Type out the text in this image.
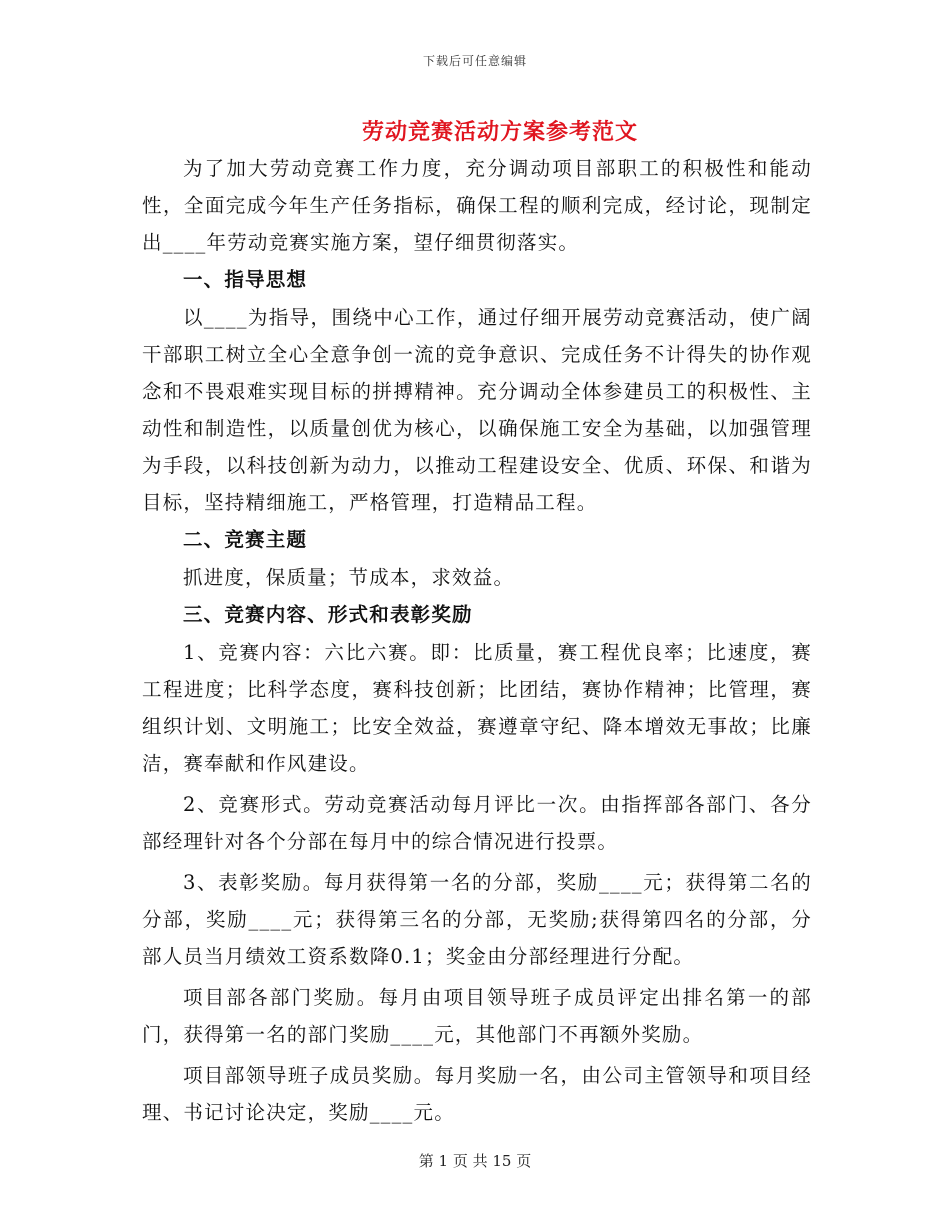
下载后可任意编辑
劳动竞赛活动方案参考范文

为了加大劳动竞赛工作力度，充分调动项目部职工的积极性和能动性，全面完成今年生产任务指标，确保工程的顺利完成，经讨论，现制定出____年劳动竞赛实施方案，望仔细贯彻落实。

一、指导思想

以____为指导，围绕中心工作，通过仔细开展劳动竞赛活动，使广阔干部职工树立全心全意争创一流的竞争意识、完成任务不计得失的协作观念和不畏艰难实现目标的拼搏精神。充分调动全体参建员工的积极性、主动性和制造性，以质量创优为核心，以确保施工安全为基础，以加强管理为手段，以科技创新为动力，以推动工程建设安全、优质、环保、和谐为目标，坚持精细施工，严格管理，打造精品工程。

二、竞赛主题

抓进度，保质量；节成本，求效益。

三、竞赛内容、形式和表彰奖励

1、竞赛内容：六比六赛。即：比质量，赛工程优良率；比速度，赛工程进度；比科学态度，赛科技创新；比团结，赛协作精神；比管理，赛组织计划、文明施工；比安全效益，赛遵章守纪、降本增效无事故；比廉洁，赛奉献和作风建设。

2、竞赛形式。劳动竞赛活动每月评比一次。由指挥部各部门、各分部经理针对各个分部在每月中的综合情况进行投票。

3、表彰奖励。每月获得第一名的分部，奖励____元；获得第二名的分部，奖励____元；获得第三名的分部，无奖励;获得第四名的分部，分部人员当月绩效工资系数降0.1；奖金由分部经理进行分配。

项目部各部门奖励。每月由项目领导班子成员评定出排名第一的部门，获得第一名的部门奖励____元，其他部门不再额外奖励。

项目部领导班子成员奖励。每月奖励一名，由公司主管领导和项目经理、书记讨论决定，奖励____元。

第 1 页 共 15 页
